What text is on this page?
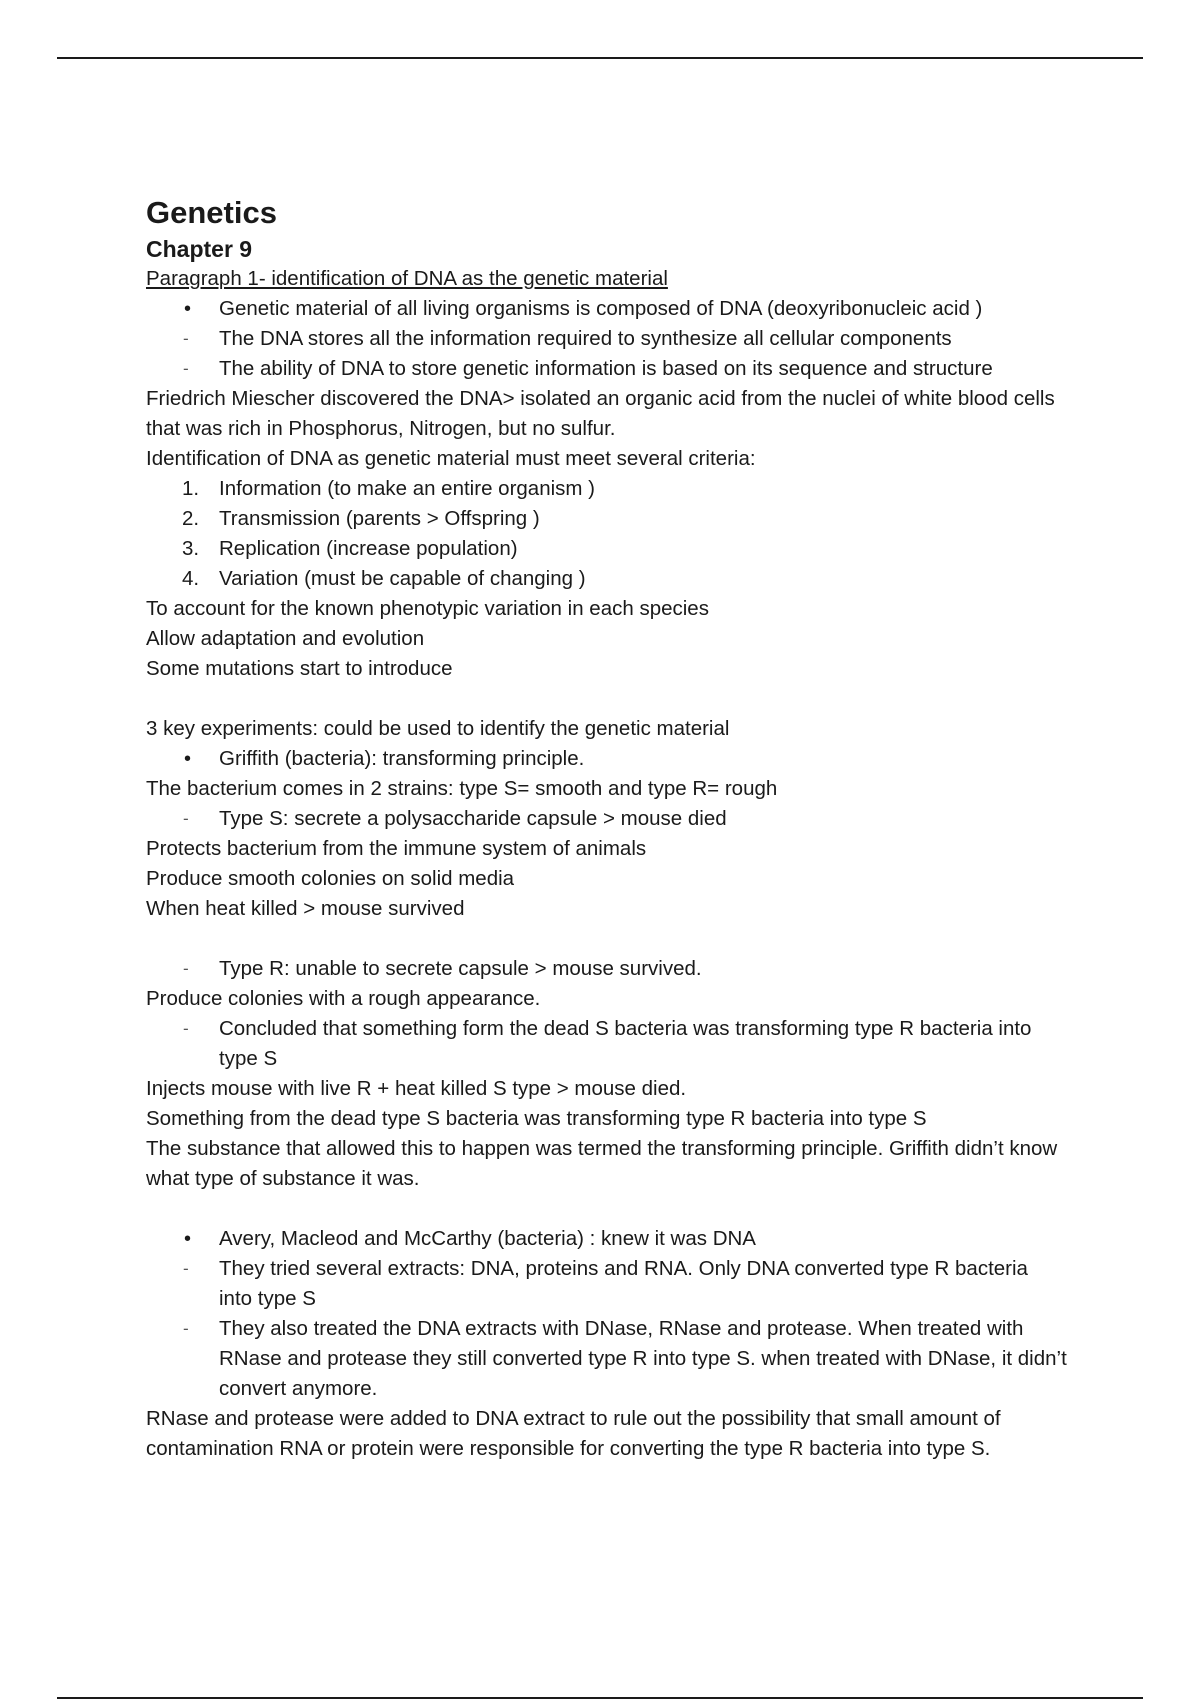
Genetics
Chapter 9

Paragraph 1- identification of DNA as the genetic material

•	Genetic material of all living organisms is composed of DNA (deoxyribonucleic acid )
-	The DNA stores all the information required to synthesize all cellular components
-	The ability of DNA to store genetic information is based on its sequence and structure

Friedrich Miescher discovered the DNA> isolated an organic acid from the nuclei of white blood cells that was rich in Phosphorus, Nitrogen, but no sulfur.

Identification of DNA as genetic material must meet several criteria:

1. Information (to make an entire organism )
2. Transmission (parents > Offspring )
3. Replication (increase population)
4. Variation (must be capable of changing )

To account for the known phenotypic variation in each species

Allow adaptation and evolution

Some mutations start to introduce

3 key experiments: could be used to identify the genetic material

•	Griffith (bacteria): transforming principle.

The bacterium comes in 2 strains: type S= smooth and type R= rough

-	Type S: secrete a polysaccharide capsule > mouse died

Protects bacterium from the immune system of animals

Produce smooth colonies on solid media

When heat killed > mouse survived

-	Type R: unable to secrete capsule > mouse survived.

Produce colonies with a rough appearance.

-	Concluded that something form the dead S bacteria was transforming type R bacteria into type S

Injects mouse with live R + heat killed S type > mouse died.

Something from the dead type S bacteria was transforming type R bacteria into type S

The substance that allowed this to happen was termed the transforming principle. Griffith didn’t know what type of substance it was.

•	Avery, Macleod and McCarthy (bacteria) : knew it was DNA
-	They tried several extracts: DNA, proteins and RNA. Only DNA converted type R bacteria into type S
-	They also treated the DNA extracts with DNase, RNase and protease. When treated with RNase and protease they still converted type R into type S. when treated with DNase, it didn’t convert anymore.

RNase and protease were added to DNA extract to rule out the possibility that small amount of contamination RNA or protein were responsible for converting the type R bacteria into type S.
